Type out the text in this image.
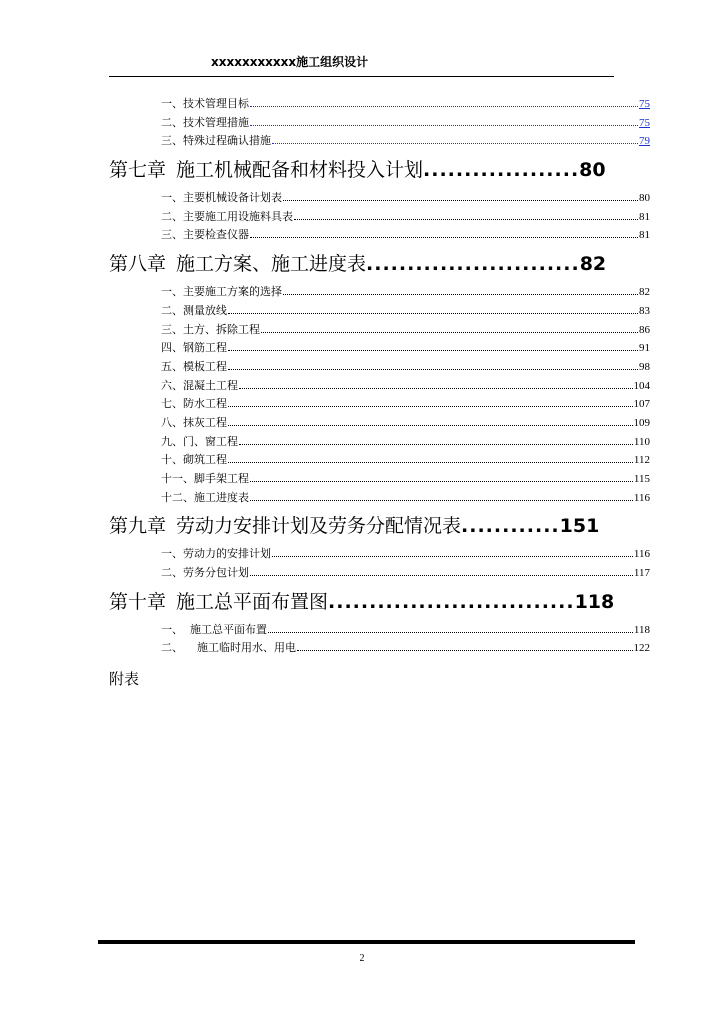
xxxxxxxxxxx施工组织设计
一、技术管理目标	75
二、技术管理措施	75
三、特殊过程确认措施	79
第七章 施工机械配备和材料投入计划 ................... 80
一、主要机械设备计划表	80
二、主要施工用设施料具表	81
三、主要检查仪器	81
第八章 施工方案、施工进度表 .......................... 82
一、主要施工方案的选择	82
二、测量放线	83
三、土方、拆除工程	86
四、钢筋工程	91
五、模板工程	98
六、混凝土工程	104
七、防水工程	107
八、抹灰工程	109
九、门、窗工程	110
十、砌筑工程	112
十一、脚手架工程	115
十二、施工进度表	116
第九章 劳动力安排计划及劳务分配情况表 ............ 151
一、劳动力的安排计划	116
二、劳务分包计划	117
第十章 施工总平面布置图 .............................. 118
一、  施工总平面布置	118
二、    施工临时用水、用电	122
附表
2
